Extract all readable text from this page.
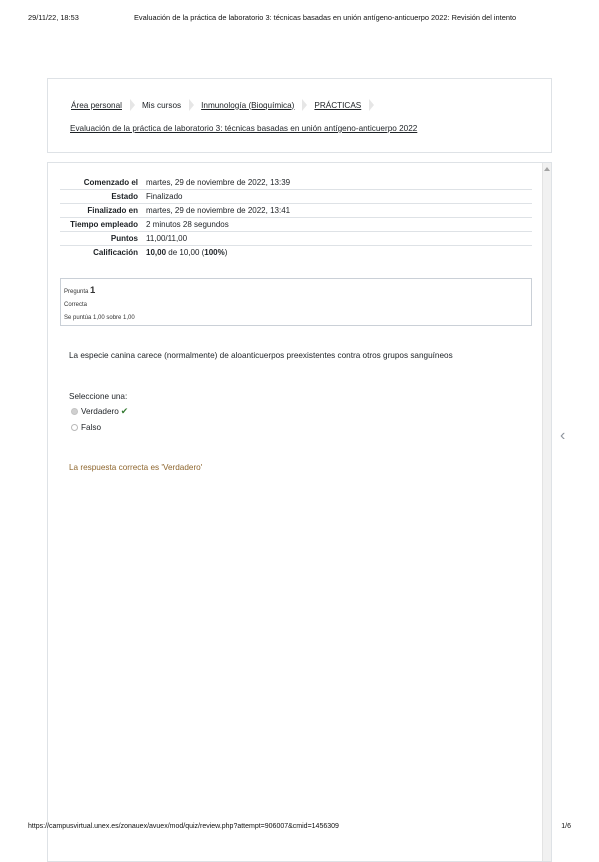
29/11/22, 18:53	Evaluación de la práctica de laboratorio 3: técnicas basadas en unión antígeno-anticuerpo 2022: Revisión del intento
Área personal Mis cursos Inmunología (Bioquímica) PRÁCTICAS
Evaluación de la práctica de laboratorio 3: técnicas basadas en unión antígeno-anticuerpo 2022
Comenzado el	martes, 29 de noviembre de 2022, 13:39
Estado	Finalizado
Finalizado en	martes, 29 de noviembre de 2022, 13:41
Tiempo empleado	2 minutos 28 segundos
Puntos	11,00/11,00
Calificación	10,00 de 10,00 (100%)
Pregunta 1
Correcta
Se puntúa 1,00 sobre 1,00
La especie canina carece (normalmente) de aloanticuerpos preexistentes contra otros grupos sanguíneos
Seleccione una:
Verdadero ✔
Falso
La respuesta correcta es 'Verdadero'
‹
https://campusvirtual.unex.es/zonauex/avuex/mod/quiz/review.php?attempt=906007&cmid=1456309	1/6
